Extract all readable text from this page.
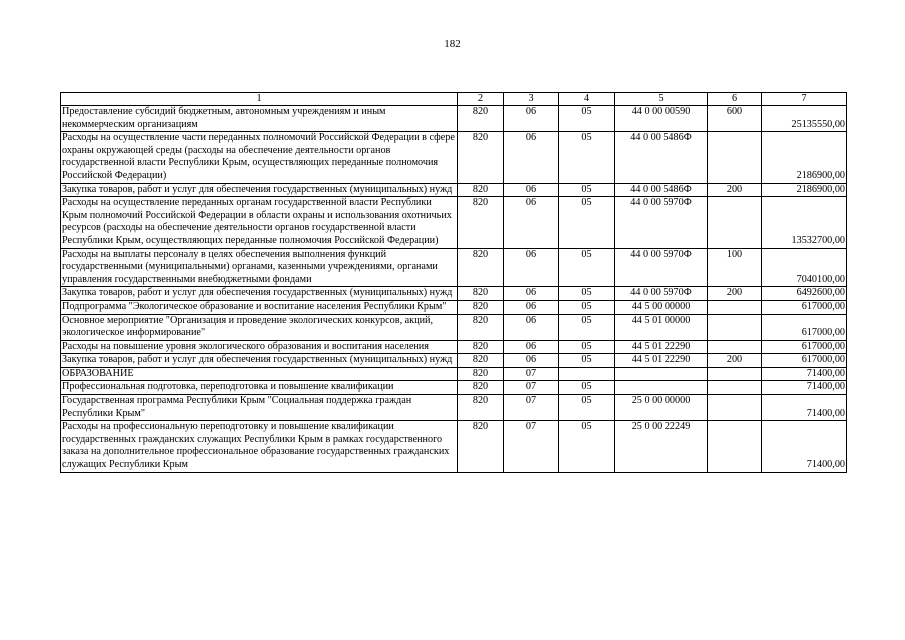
182
1	2	3	4	5	6	7
Предоставление субсидий бюджетным, автономным учреждениям и иным некоммерческим организациям	820	06	05	44 0 00 00590	600	25135550,00
Расходы на осуществление части переданных полномочий Российской Федерации в сфере охраны окружающей среды (расходы на обеспечение деятельности органов государственной власти Республики Крым, осуществляющих переданные полномочия Российской Федерации)	820	06	05	44 0 00 5486Ф		2186900,00
Закупка товаров, работ и услуг для обеспечения государственных (муниципальных) нужд	820	06	05	44 0 00 5486Ф	200	2186900,00
Расходы на осуществление переданных органам государственной власти Республики Крым полномочий Российской Федерации в области охраны и использования охотничьих ресурсов (расходы на обеспечение деятельности органов государственной власти Республики Крым, осуществляющих переданные полномочия Российской Федерации)	820	06	05	44 0 00 5970Ф		13532700,00
Расходы на выплаты персоналу в целях обеспечения выполнения функций государственными (муниципальными) органами, казенными учреждениями, органами управления государственными внебюджетными фондами	820	06	05	44 0 00 5970Ф	100	7040100,00
Закупка товаров, работ и услуг для обеспечения государственных (муниципальных) нужд	820	06	05	44 0 00 5970Ф	200	6492600,00
Подпрограмма "Экологическое образование и воспитание населения Республики Крым"	820	06	05	44 5 00 00000		617000,00
Основное мероприятие "Организация и проведение экологических конкурсов, акций, экологическое информирование"	820	06	05	44 5 01 00000		617000,00
Расходы на повышение уровня экологического образования и воспитания населения	820	06	05	44 5 01 22290		617000,00
Закупка товаров, работ и услуг для обеспечения государственных (муниципальных) нужд	820	06	05	44 5 01 22290	200	617000,00
ОБРАЗОВАНИЕ	820	07				71400,00
Профессиональная подготовка, переподготовка и повышение квалификации	820	07	05			71400,00
Государственная программа Республики Крым "Социальная поддержка граждан Республики Крым"	820	07	05	25 0 00 00000		71400,00
Расходы на профессиональную переподготовку и повышение квалификации государственных гражданских служащих Республики Крым в рамках государственного заказа на дополнительное профессиональное образование государственных гражданских служащих Республики Крым	820	07	05	25 0 00 22249		71400,00
